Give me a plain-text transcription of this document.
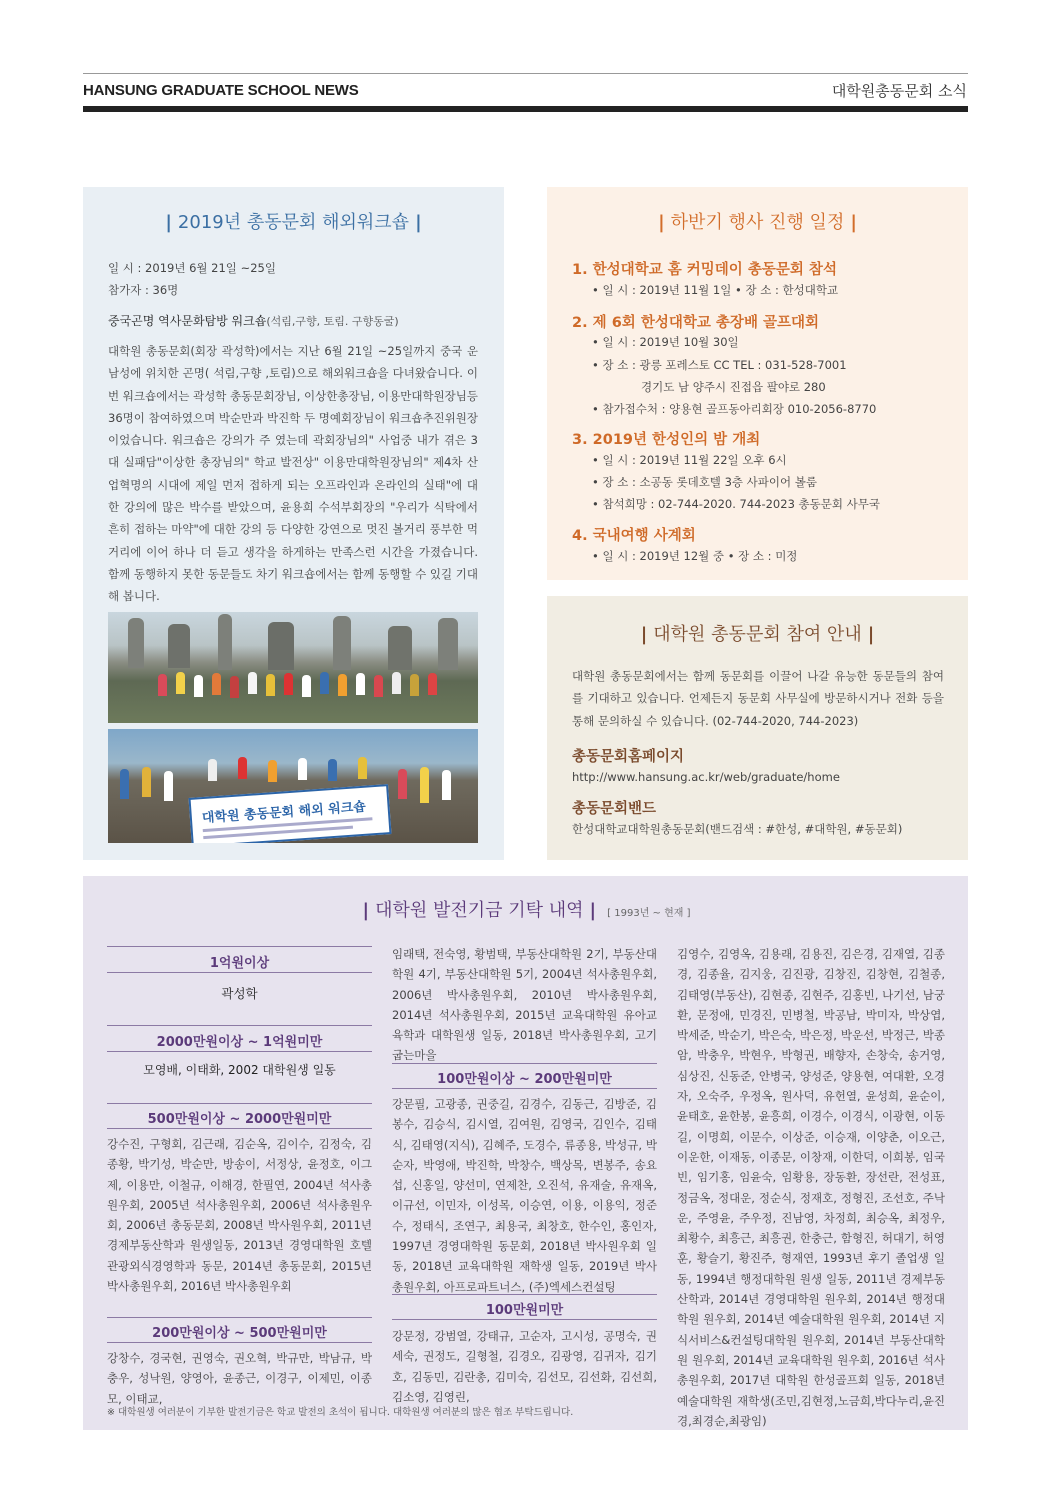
HANSUNG GRADUATE SCHOOL NEWS	대학원총동문회 소식
| 2019년 총동문회 해외워크숍 |
일 시 : 2019년 6월 21일 ~25일
참가자 : 36명
중국곤명 역사문화탐방 워크숍(석림,구향, 토림. 구향동굴)
대학원 총동문회(회장 곽성학)에서는 지난 6월 21일 ~25일까지 중국 운남성에 위치한 곤명( 석림,구향 ,토림)으로 해외워크숍을 다녀왔습니다. 이번 워크숍에서는 곽성학 총동문회장님, 이상한총장님, 이용만대학원장님등 36명이 참여하였으며 박순만과 박진학 두 명예회장님이 워크숍추진위원장이었습니다. 워크숍은 강의가 주 였는데 곽회장님의" 사업중 내가 겪은 3대 실패담"이상한 총장님의" 학교 발전상" 이용만대학원장님의" 제4차 산업혁명의 시대에 제일 먼저 접하게 되는 오프라인과 온라인의 실태"에 대한 강의에 많은 박수를 받았으며, 윤용희 수석부회장의 "우리가 식탁에서 흔히 접하는 마약"에 대한 강의 등 다양한 강연으로 멋진 볼거리 풍부한 먹거리에 이어 하나 더 듣고 생각을 하게하는 만족스런 시간을 가졌습니다. 함께 동행하지 못한 동문들도 차기 워크숍에서는 함께 동행할 수 있길 기대해 봅니다.
대학원 총동문회 해외 워크숍
| 하반기 행사 진행 일정 |
1. 한성대학교 홈 커밍데이 총동문회 참석
• 일 시 : 2019년 11월 1일 • 장 소 : 한성대학교
2. 제 6회 한성대학교 총장배 골프대회
• 일 시 : 2019년 10월 30일
• 장 소 : 광릉 포레스토 CC TEL : 031-528-7001
경기도 남 양주시 진접읍 팔야로 280
• 참가접수처 : 양용현 골프동아리회장 010-2056-8770
3. 2019년 한성인의 밤 개최
• 일 시 : 2019년 11월 22일 오후 6시
• 장 소 : 소공동 롯데호텔 3층 사파이어 볼룸
• 참석희망 : 02-744-2020. 744-2023 총동문회 사무국
4. 국내여행 사계회
• 일 시 : 2019년 12월 중 • 장 소 : 미정
| 대학원 총동문회 참여 안내 |
대학원 총동문회에서는 함께 동문회를 이끌어 나갈 유능한 동문들의 참여를 기대하고 있습니다. 언제든지 동문회 사무실에 방문하시거나 전화 등을 통해 문의하실 수 있습니다. (02-744-2020, 744-2023)
총동문회홈페이지
http://www.hansung.ac.kr/web/graduate/home
총동문회밴드
한성대학교대학원총동문회(밴드검색 : #한성, #대학원, #동문회)
| 대학원 발전기금 기탁 내역 | [ 1993년 ~ 현재 ]
1억원이상
곽성학
2000만원이상 ~ 1억원미만
모영배, 이태화, 2002 대학원생 일동
500만원이상 ~ 2000만원미만
강수진, 구형회, 김근래, 김순옥, 김이수, 김정숙, 김종황, 박기성, 박순만, 방송이, 서정상, 윤정호, 이그제, 이용만, 이철규, 이해경, 한필연, 2004년 석사총원우회, 2005년 석사총원우회, 2006년 석사총원우회, 2006년 총동문회, 2008년 박사원우회, 2011년 경제부동산학과 원생일동, 2013년 경영대학원 호텔관광외식경영학과 동문, 2014년 총동문회, 2015년 박사총원우회, 2016년 박사총원우회
200만원이상 ~ 500만원미만
강창수, 경국현, 권영숙, 권오혁, 박규만, 박남규, 박충우, 성낙원, 양영아, 윤종근, 이경구, 이제민, 이종모, 이태교,
임래택, 전숙영, 황범택, 부동산대학원 2기, 부동산대학원 4기, 부동산대학원 5기, 2004년 석사총원우회, 2006년 박사총원우회, 2010년 박사총원우회, 2014년 석사총원우회, 2015년 교육대학원 유아교육학과 대학원생 일동, 2018년 박사총원우회, 고기굽는마을
100만원이상 ~ 200만원미만
강문필, 고광종, 권중길, 김경수, 김동근, 김방준, 김봉수, 김승식, 김시열, 김여원, 김영국, 김인수, 김태식, 김태영(지식), 김혜주, 도경수, 류종용, 박성규, 박순자, 박영애, 박진학, 박창수, 백상목, 변봉주, 송요섭, 신홍일, 양선미, 연제찬, 오진석, 유재술, 유재옥, 이규선, 이민자, 이성목, 이승연, 이용, 이용익, 정준수, 정태식, 조연구, 최용국, 최창호, 한수인, 홍인자, 1997년 경영대학원 동문회, 2018년 박사원우회 일동, 2018년 교육대학원 재학생 일동, 2019년 박사총원우회, 아프로파트너스, (주)엑세스컨설팅
100만원미만
강문정, 강범열, 강태규, 고순자, 고시성, 공명숙, 권세숙, 권정도, 길형철, 김경오, 김광영, 김귀자, 김기호, 김동민, 김란총, 김미숙, 김선모, 김선화, 김선희, 김소영, 김영린,
김영수, 김영옥, 김용래, 김용진, 김은경, 김재열, 김종경, 김종율, 김지웅, 김진광, 김창진, 김창현, 김철종, 김태영(부동산), 김현종, 김현주, 김홍빈, 나기선, 남궁환, 문정애, 민경진, 민병철, 박공남, 박미자, 박상엽, 박세준, 박순기, 박은숙, 박은정, 박운선, 박정근, 박종암, 박충우, 박현우, 박형권, 배향자, 손창숙, 송거영, 심상진, 신동준, 안병국, 양성준, 양용현, 여대환, 오경자, 오숙주, 우정옥, 원사덕, 유헌열, 윤성희, 윤순이, 윤태호, 윤한봉, 윤흥희, 이경수, 이경식, 이광현, 이동길, 이명희, 이문수, 이상준, 이승재, 이양춘, 이오근, 이운한, 이재동, 이종문, 이창재, 이한덕, 이희봉, 임국빈, 임기홍, 임윤숙, 임황용, 장동환, 장선란, 전성표, 정금옥, 정대운, 정순식, 정재호, 정형진, 조선호, 주낙운, 주영윤, 주우정, 진남영, 차정희, 최승옥, 최정우, 최황수, 최흥근, 최흥권, 한충근, 함형진, 허대기, 허영훈, 황슬기, 황진주, 형재연, 1993년 후기 졸업생 일동, 1994년 행정대학원 원생 일동, 2011년 경제부동산학과, 2014년 경영대학원 원우회, 2014년 행정대학원 원우회, 2014년 예술대학원 원우회, 2014년 지식서비스&컨설팅대학원 원우회, 2014년 부동산대학원 원우회, 2014년 교육대학원 원우회, 2016년 석사총원우회, 2017년 대학원 한성골프회 일동, 2018년 예술대학원 재학생(조민,김현정,노금희,박다누리,윤진경,최경순,최광임)
※ 대학원생 여러분이 기부한 발전기금은 학교 발전의 초석이 됩니다. 대학원생 여러분의 많은 협조 부탁드립니다.
